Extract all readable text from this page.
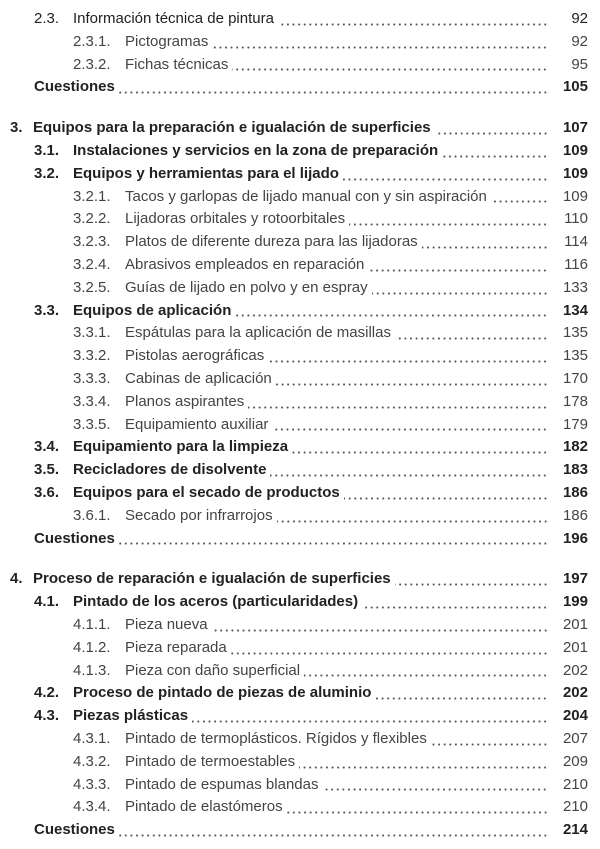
2.3. Información técnica de pintura	92
2.3.1. Pictogramas	92
2.3.2. Fichas técnicas	95
Cuestiones	105
3. Equipos para la preparación e igualación de superficies	107
3.1. Instalaciones y servicios en la zona de preparación	109
3.2. Equipos y herramientas para el lijado	109
3.2.1. Tacos y garlopas de lijado manual con y sin aspiración	109
3.2.2. Lijadoras orbitales y rotoorbitales	110
3.2.3. Platos de diferente dureza para las lijadoras	114
3.2.4. Abrasivos empleados en reparación	116
3.2.5. Guías de lijado en polvo y en espray	133
3.3. Equipos de aplicación	134
3.3.1. Espátulas para la aplicación de masillas	135
3.3.2. Pistolas aerográficas	135
3.3.3. Cabinas de aplicación	170
3.3.4. Planos aspirantes	178
3.3.5. Equipamiento auxiliar	179
3.4. Equipamiento para la limpieza	182
3.5. Recicladores de disolvente	183
3.6. Equipos para el secado de productos	186
3.6.1. Secado por infrarrojos	186
Cuestiones	196
4. Proceso de reparación e igualación de superficies	197
4.1. Pintado de los aceros (particularidades)	199
4.1.1. Pieza nueva	201
4.1.2. Pieza reparada	201
4.1.3. Pieza con daño superficial	202
4.2. Proceso de pintado de piezas de aluminio	202
4.3. Piezas plásticas	204
4.3.1. Pintado de termoplásticos. Rígidos y flexibles	207
4.3.2. Pintado de termoestables	209
4.3.3. Pintado de espumas blandas	210
4.3.4. Pintado de elastómeros	210
Cuestiones	214
